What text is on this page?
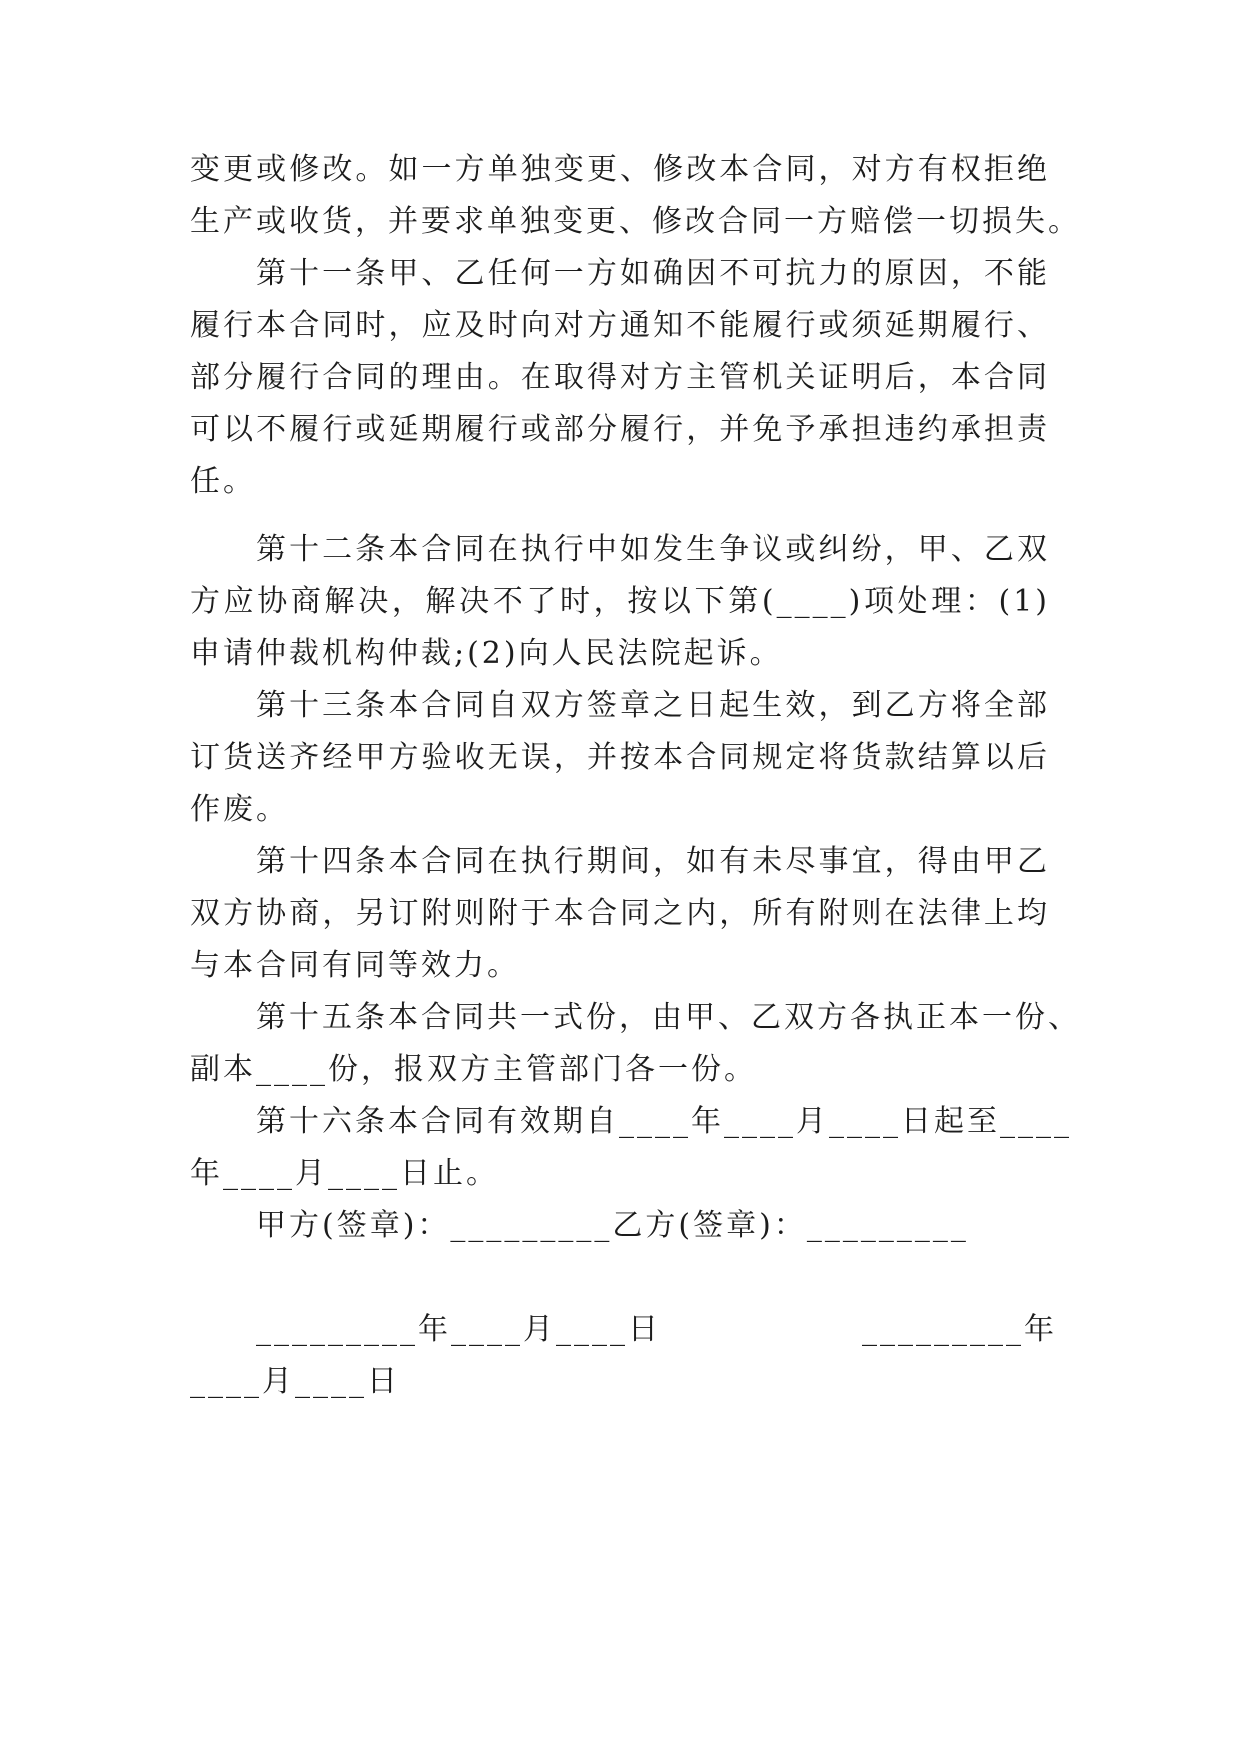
变更或修改。如一方单独变更、修改本合同，对方有权拒绝
生产或收货，并要求单独变更、修改合同一方赔偿一切损失。
第十一条甲、乙任何一方如确因不可抗力的原因，不能
履行本合同时，应及时向对方通知不能履行或须延期履行、
部分履行合同的理由。在取得对方主管机关证明后，本合同
可以不履行或延期履行或部分履行，并免予承担违约承担责
任。
第十二条本合同在执行中如发生争议或纠纷，甲、乙双
方应协商解决，解决不了时，按以下第(____)项处理：(1)
申请仲裁机构仲裁;(2)向人民法院起诉。
第十三条本合同自双方签章之日起生效，到乙方将全部
订货送齐经甲方验收无误，并按本合同规定将货款结算以后
作废。
第十四条本合同在执行期间，如有未尽事宜，得由甲乙
双方协商，另订附则附于本合同之内，所有附则在法律上均
与本合同有同等效力。
第十五条本合同共一式份，由甲、乙双方各执正本一份、
副本____份，报双方主管部门各一份。
第十六条本合同有效期自____年____月____日起至____
年____月____日止。
甲方(签章)：_________乙方(签章)：_________
_________年____月____日	_________年
____月____日
